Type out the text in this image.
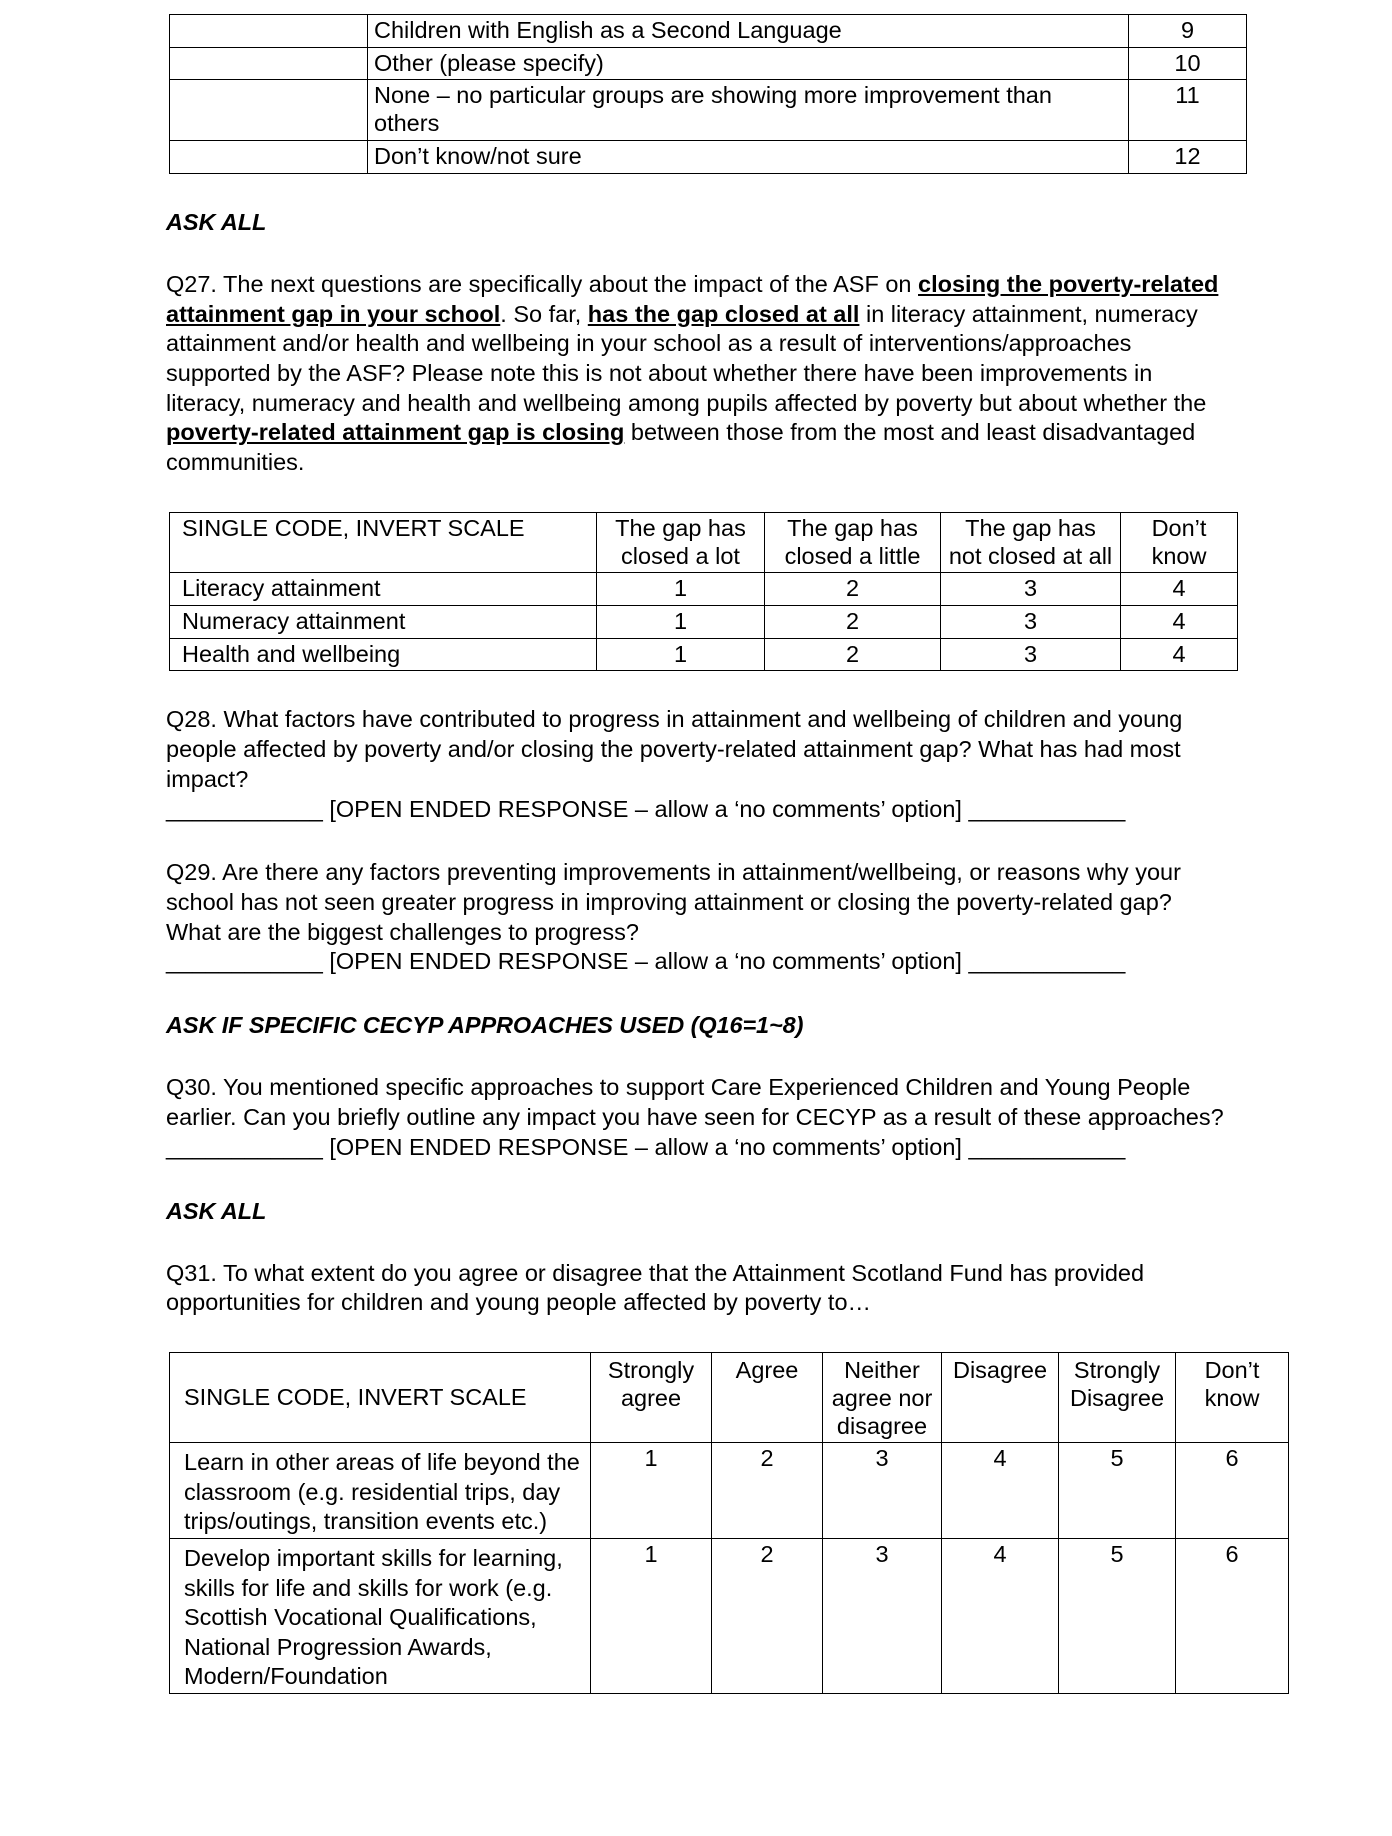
	Children with English as a Second Language	9
	Other (please specify)	10
	None – no particular groups are showing more improvement than others	11
	Don’t know/not sure	12
ASK ALL

Q27. The next questions are specifically about the impact of the ASF on closing the poverty-related attainment gap in your school. So far, has the gap closed at all in literacy attainment, numeracy attainment and/or health and wellbeing in your school as a result of interventions/approaches supported by the ASF? Please note this is not about whether there have been improvements in literacy, numeracy and health and wellbeing among pupils affected by poverty but about whether the poverty-related attainment gap is closing between those from the most and least disadvantaged communities.

SINGLE CODE, INVERT SCALE	The gap has closed a lot	The gap has closed a little	The gap has not closed at all	Don’t know
Literacy attainment	1	2	3	4
Numeracy attainment	1	2	3	4
Health and wellbeing	1	2	3	4

Q28. What factors have contributed to progress in attainment and wellbeing of children and young people affected by poverty and/or closing the poverty-related attainment gap? What has had most impact?

____________ [OPEN ENDED RESPONSE – allow a ‘no comments’ option] ____________

Q29. Are there any factors preventing improvements in attainment/wellbeing, or reasons why your school has not seen greater progress in improving attainment or closing the poverty-related gap? What are the biggest challenges to progress?

____________ [OPEN ENDED RESPONSE – allow a ‘no comments’ option] ____________
ASK IF SPECIFIC CECYP APPROACHES USED (Q16=1~8)

Q30. You mentioned specific approaches to support Care Experienced Children and Young People earlier. Can you briefly outline any impact you have seen for CECYP as a result of these approaches?

____________ [OPEN ENDED RESPONSE – allow a ‘no comments’ option] ____________
ASK ALL

Q31. To what extent do you agree or disagree that the Attainment Scotland Fund has provided opportunities for children and young people affected by poverty to…

SINGLE CODE, INVERT SCALE	Strongly agree	Agree	Neither agree nor disagree	Disagree	Strongly Disagree	Don’t know
Learn in other areas of life beyond the classroom (e.g. residential trips, day trips/outings, transition events etc.)	1	2	3	4	5	6
Develop important skills for learning, skills for life and skills for work (e.g. Scottish Vocational Qualifications, National Progression Awards, Modern/Foundation	1	2	3	4	5	6
